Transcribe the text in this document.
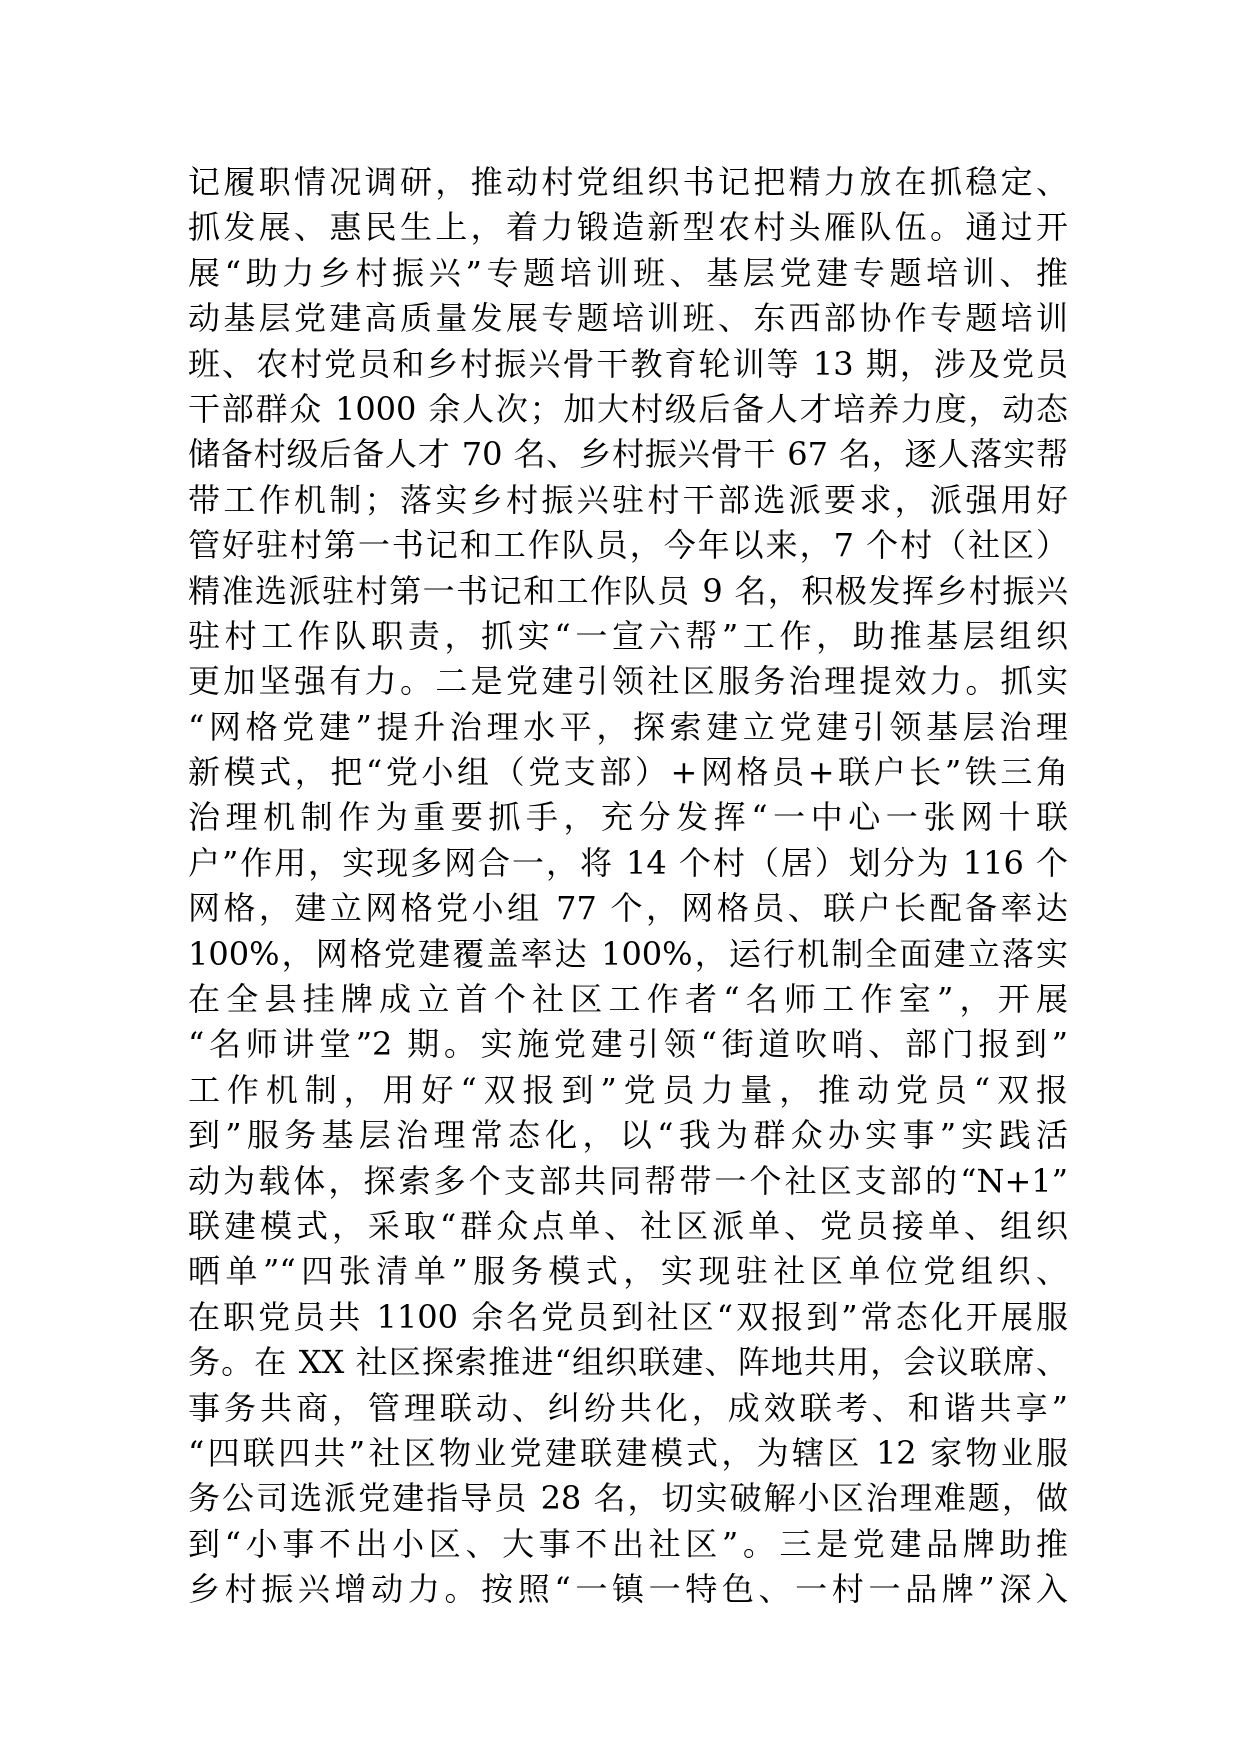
记履职情况调研，推动村党组织书记把精力放在抓稳定、
抓发展、惠民生上，着力锻造新型农村头雁队伍。通过开
展“助力乡村振兴”专题培训班、基层党建专题培训、推
动基层党建高质量发展专题培训班、东西部协作专题培训
班、农村党员和乡村振兴骨干教育轮训等 13 期，涉及党员
干部群众 1000 余人次；加大村级后备人才培养力度，动态
储备村级后备人才 70 名、乡村振兴骨干 67 名，逐人落实帮
带工作机制；落实乡村振兴驻村干部选派要求，派强用好
管好驻村第一书记和工作队员，今年以来，7 个村（社区）
精准选派驻村第一书记和工作队员 9 名，积极发挥乡村振兴
驻村工作队职责，抓实“一宣六帮”工作，助推基层组织
更加坚强有力。二是党建引领社区服务治理提效力。抓实
“网格党建”提升治理水平，探索建立党建引领基层治理
新模式，把“党小组（党支部）+网格员+联户长”铁三角
治理机制作为重要抓手，充分发挥“一中心一张网十联
户”作用，实现多网合一，将 14 个村（居）划分为 116 个
网格，建立网格党小组 77 个，网格员、联户长配备率达
100%，网格党建覆盖率达 100%，运行机制全面建立落实
在全县挂牌成立首个社区工作者“名师工作室”，开展
“名师讲堂”2 期。实施党建引领“街道吹哨、部门报到”
工作机制，用好“双报到”党员力量，推动党员“双报
到”服务基层治理常态化，以“我为群众办实事”实践活
动为载体，探索多个支部共同帮带一个社区支部的“N+1”
联建模式，采取“群众点单、社区派单、党员接单、组织
晒单”“四张清单”服务模式，实现驻社区单位党组织、
在职党员共 1100 余名党员到社区“双报到”常态化开展服
务。在 XX 社区探索推进“组织联建、阵地共用，会议联席、
事务共商，管理联动、纠纷共化，成效联考、和谐共享”
“四联四共”社区物业党建联建模式，为辖区 12 家物业服
务公司选派党建指导员 28 名，切实破解小区治理难题，做
到“小事不出小区、大事不出社区”。三是党建品牌助推
乡村振兴增动力。按照“一镇一特色、一村一品牌”深入
